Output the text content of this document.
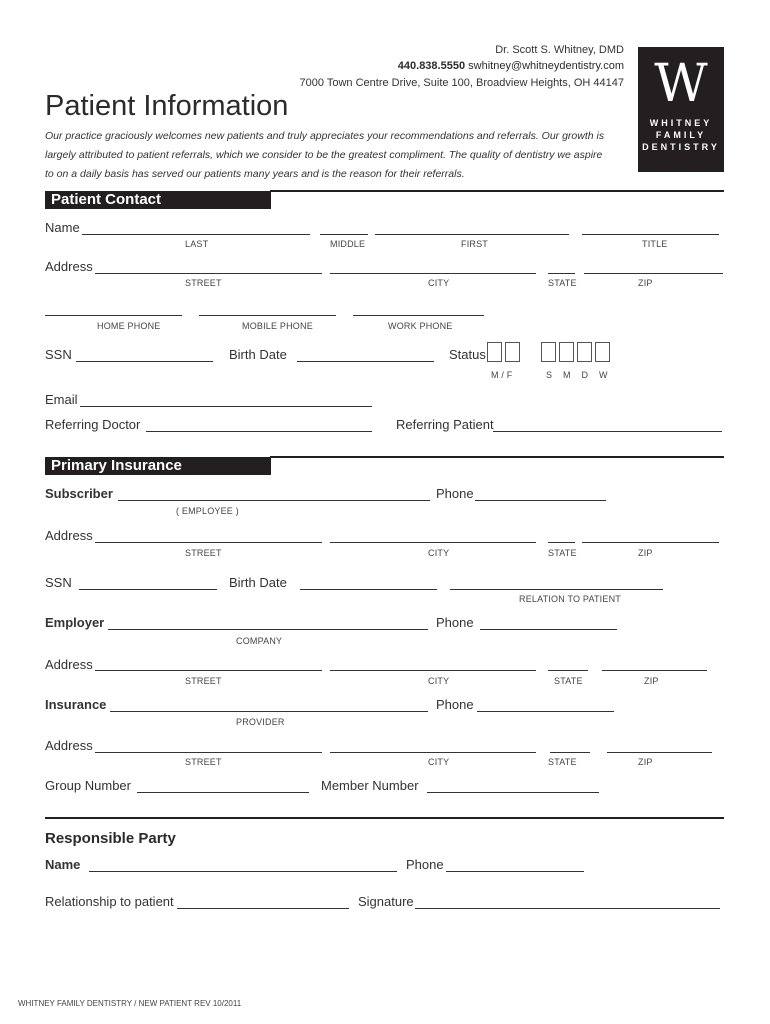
Dr. Scott S. Whitney, DMD
440.838.5550 swhitney@whitneydentistry.com
7000 Town Centre Drive, Suite 100, Broadview Heights, OH 44147 W
WHITNEY
FAMILY
DENTISTRY
Patient Information
Our practice graciously welcomes new patients and truly appreciates your recommendations and referrals. Our growth is
largely attributed to patient referrals, which we consider to be the greatest compliment. The quality of dentistry we aspire
to on a daily basis has served our patients many years and is the reason for their referrals.
Patient Contact
Name
LAST	MIDDLE	FIRST	TITLE
Address
STREET	CITY	STATE	ZIP
HOME PHONE	MOBILE PHONE	WORK PHONE
SSN	Birth Date	Status
M / F	S    M    D    W
Email
Referring Doctor	Referring Patient
Primary Insurance
Subscriber	Phone
( EMPLOYEE )
Address
STREET	CITY	STATE	ZIP
SSN	Birth Date
RELATION TO PATIENT
Employer	Phone
COMPANY
Address
STREET	CITY	STATE	ZIP
Insurance	Phone
PROVIDER
Address
STREET	CITY	STATE	ZIP
Group Number	Member Number
Responsible Party
Name	Phone
Relationship to patient	Signature
WHITNEY FAMILY DENTISTRY / NEW PATIENT REV 10/2011
